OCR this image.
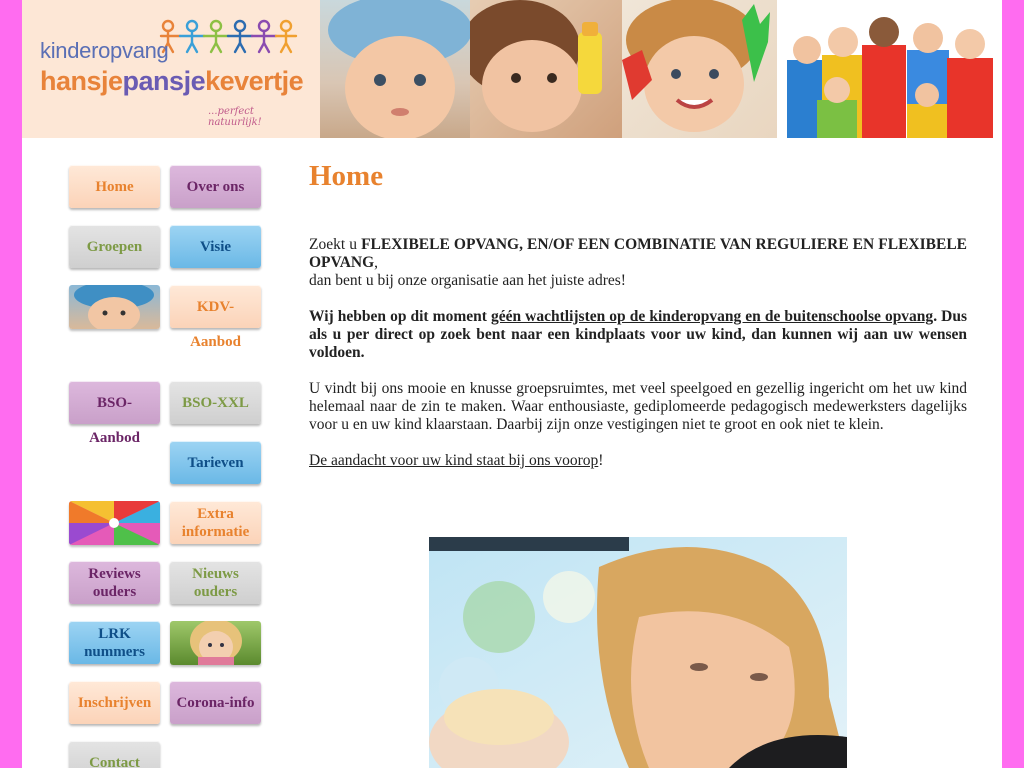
kinderopvang
hansjepansjekevertje
...perfect natuurlijk!
Home	Over ons
Groepen	Visie
KDV-
Aanbod
BSO-
Aanbod
BSO-XXL
Tarieven
Extra informatie
Reviews ouders
Nieuws ouders
LRK nummers
Inschrijven	Corona-info
Contact
Home

Zoekt u FLEXIBELE OPVANG, EN/OF EEN COMBINATIE VAN REGULIERE EN FLEXIBELE OPVANG,
dan bent u bij onze organisatie aan het juiste adres!

Wij hebben op dit moment géén wachtlijsten op de kinderopvang en de buitenschoolse opvang. Dus als u per direct op zoek bent naar een kindplaats voor uw kind, dan kunnen wij aan uw wensen voldoen.

U vindt bij ons mooie en knusse groepsruimtes, met veel speelgoed en gezellig ingericht om het uw kind helemaal naar de zin te maken. Waar enthousiaste, gediplomeerde pedagogisch medewerksters dagelijks voor u en uw kind klaarstaan. Daarbij zijn onze vestigingen niet te groot en ook niet te klein.

De aandacht voor uw kind staat bij ons voorop!
